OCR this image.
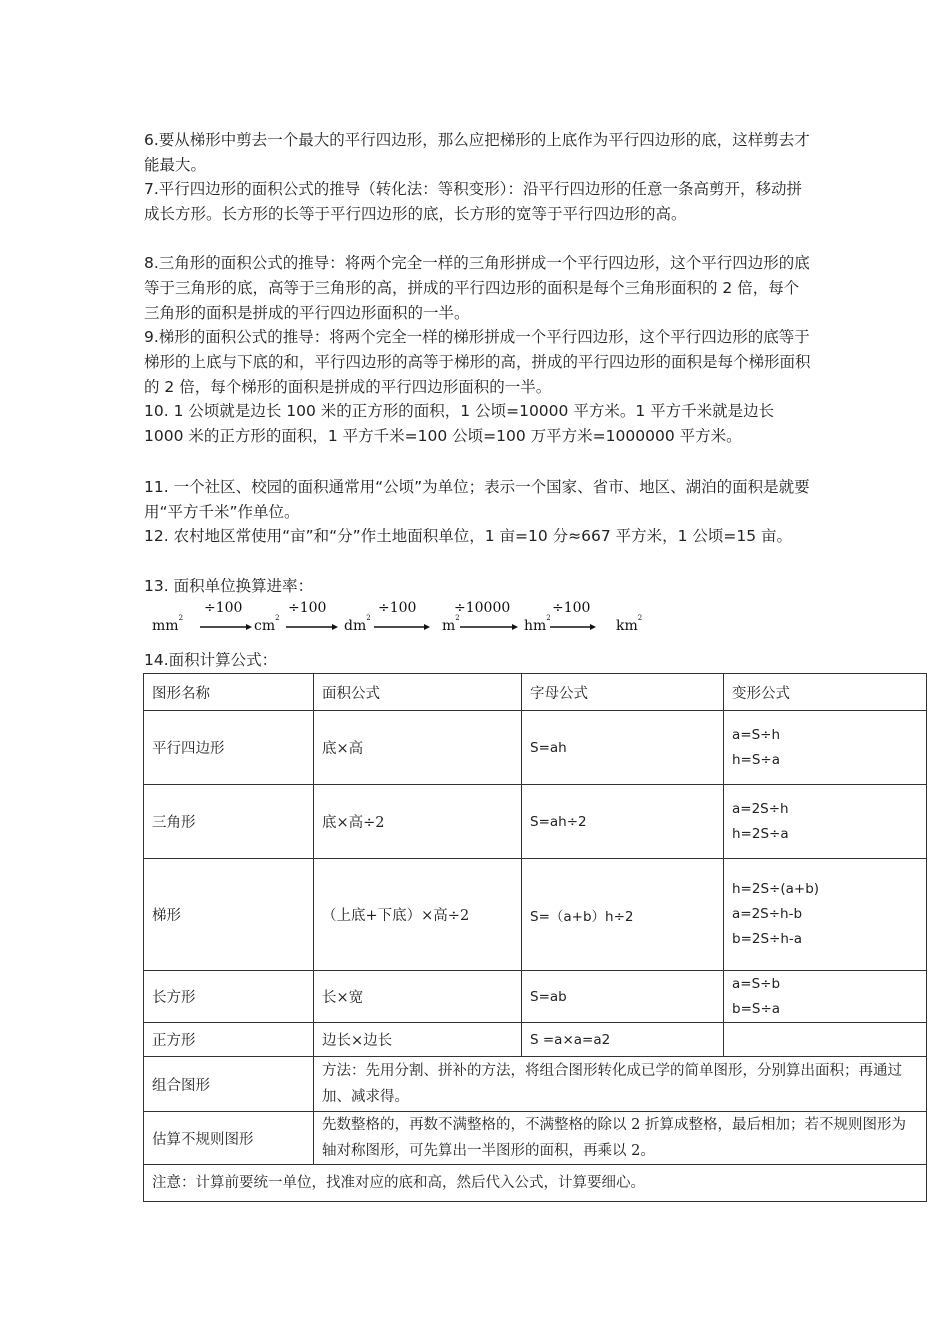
6.要从梯形中剪去一个最大的平行四边形，那么应把梯形的上底作为平行四边形的底，这样剪去才能最大。

7.平行四边形的面积公式的推导（转化法：等积变形）：沿平行四边形的任意一条高剪开，移动拼成长方形。长方形的长等于平行四边形的底，长方形的宽等于平行四边形的高。

8.三角形的面积公式的推导：将两个完全一样的三角形拼成一个平行四边形，这个平行四边形的底等于三角形的底，高等于三角形的高，拼成的平行四边形的面积是每个三角形面积的 2 倍，每个三角形的面积是拼成的平行四边形面积的一半。

9.梯形的面积公式的推导：将两个完全一样的梯形拼成一个平行四边形，这个平行四边形的底等于梯形的上底与下底的和，平行四边形的高等于梯形的高，拼成的平行四边形的面积是每个梯形面积的 2 倍，每个梯形的面积是拼成的平行四边形面积的一半。

10. 1 公顷就是边长 100 米的正方形的面积，1 公顷=10000 平方米。1 平方千米就是边长 1000 米的正方形的面积，1 平方千米=100 公顷=100 万平方米=1000000 平方米。

11. 一个社区、校园的面积通常用“公顷”为单位；表示一个国家、省市、地区、湖泊的面积是就要用“平方千米”作单位。

12. 农村地区常使用“亩”和“分”作土地面积单位，1 亩=10 分≈667 平方米，1 公顷=15 亩。

13. 面积单位换算进率：

$mm^2$
÷100
$cm^2$
÷100
$dm^2$
÷100
$m^2$
÷10000
$hm^2$
÷100
$km^2$

14.面积计算公式：

图形名称	面积公式	字母公式	变形公式
平行四边形	底×高	S=ah	a=S÷h
h=S÷a

三角形	底×高÷2	S=ah÷2	a=2S÷h
h=2S÷a

梯形	（上底+下底）×高÷2	S=（a+b）h÷2	h=2S÷(a+b)
a=2S÷h-b
b=2S÷h-a

长方形	长×宽	S=ab	a=S÷b
b=S÷a

正方形	边长×边长	S =a×a=a2	
组合图形	方法：先用分割、拼补的方法，将组合图形转化成已学的简单图形，分别算出面积；再通过加、减求得。		
估算不规则图形	先数整格的，再数不满整格的，不满整格的除以 2 折算成整格，最后相加；若不规则图形为轴对称图形，可先算出一半图形的面积，再乘以 2。		
注意：计算前要统一单位，找准对应的底和高，然后代入公式，计算要细心。			
